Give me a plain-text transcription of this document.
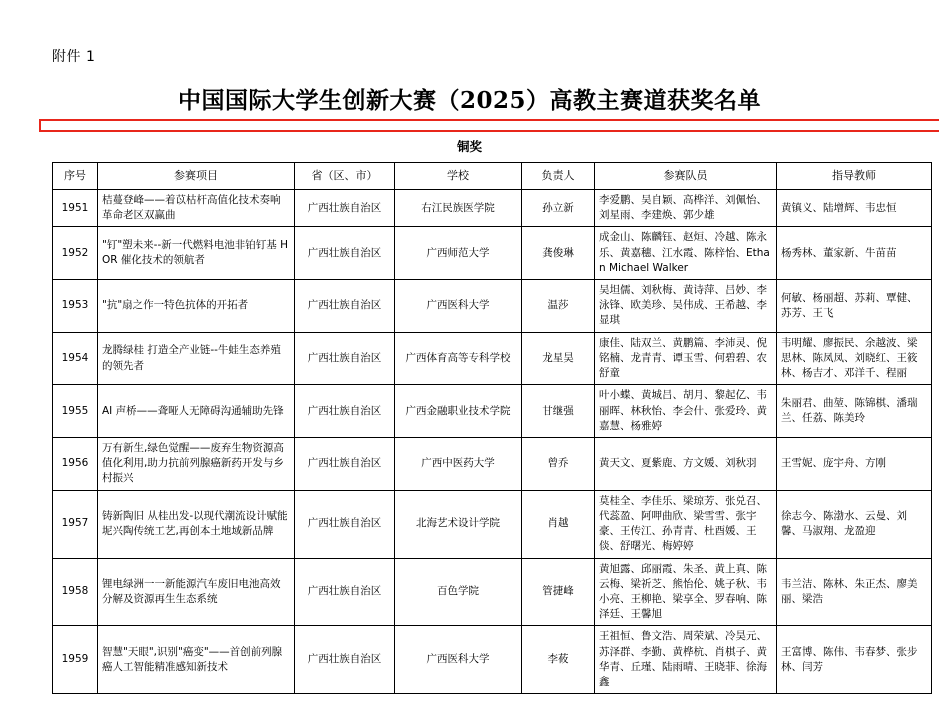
附件 1
中国国际大学生创新大赛（2025）高教主赛道获奖名单
铜奖
序号	参赛项目	省（区、市）	学校	负责人	参赛队员	指导教师
1951	桔蔓登峰——着苡枯杆高值化技术奏响革命老区双赢曲	广西壮族自治区	右江民族医学院	孙立新	李爱鹏、吴自颖、高桦洋、刘佩怡、刘星雨、李建焕、郭少雄	黄镇义、陆增辉、韦忠恒
1952	"钉"塑未来--新一代燃料电池非铂钉基 HOR 催化技术的领航者	广西壮族自治区	广西师范大学	龚俊琳	成金山、陈麟钰、赵烜、冷越、陈永乐、黄嘉穗、江水霞、陈梓怡、Ethan Michael Walker	杨秀林、董家新、牛苗苗
1953	"抗"扇之作一特色抗体的开拓者	广西壮族自治区	广西医科大学	温莎	吴坦儒、刘秋梅、黄诗萍、吕妙、李泳锋、欧美珍、吴伟成、王希越、李显琪	何敏、杨丽超、苏莉、覃健、苏芳、王飞
1954	龙腾绿桂 打造全产业链--牛蛙生态养殖的领先者	广西壮族自治区	广西体育高等专科学校	龙星昊	康佳、陆双兰、黄鹏篇、李沛灵、倪铭楠、龙青青、谭玉雪、何碧碧、农舒童	韦明耀、廖振民、余越波、梁思林、陈凤凤、刘晓红、王筱林、杨吉才、邓洋千、程丽
1955	AI 声桥——聋哑人无障碍沟通辅助先锋	广西壮族自治区	广西金融职业技术学院	甘继强	叶小蝶、黄城吕、胡月、黎起亿、韦丽晖、林秋怡、李会什、张爱玲、黄嘉慧、杨雅婷	朱丽君、曲堃、陈锦棋、潘瑞兰、任荔、陈美玲
1956	万有新生,绿色觉醒——废弃生物资源高值化利用,助力抗前列腺癌新药开发与乡村振兴	广西壮族自治区	广西中医药大学	曾乔	黄天文、夏紫鹿、方文媛、刘秋羽	王雪妮、庞宇舟、方刚
1957	铸新陶旧 从桂出发-以现代潮流设计赋能坭兴陶传统工艺,再创本土地域新品牌	广西壮族自治区	北海艺术设计学院	肖越	莫桂全、李佳乐、梁琼芳、张兑召、代蕊盈、阿呷曲欣、梁雪雪、张宇豪、王传江、孙青青、杜酉媛、王倓、舒曙光、梅婷婷	徐志今、陈渤水、云曼、刘馨、马淑翔、龙盈迎
1958	锂电绿洲一一新能源汽车废旧电池高效分解及资源再生生态系统	广西壮族自治区	百色学院	管捷峰	黄旭露、邱丽霞、朱圣、黄上真、陈云梅、梁祈芝、熊怡伦、姚子秋、韦小亮、王柳艳、梁享全、罗春响、陈泽廷、王馨旭	韦兰洁、陈林、朱正杰、廖美丽、梁浩
1959	智慧"天眼",识别"癌变"——首创前列腺癌人工智能精准感知新技术	广西壮族自治区	广西医科大学	李莜	王祖恒、鲁文浩、周荣斌、冷昊元、苏泽群、李勤、黄桦杭、肖棋子、黄华青、丘瑾、陆雨晴、王晓菲、徐海鑫	王富博、陈伟、韦春梦、张步林、闫芳
